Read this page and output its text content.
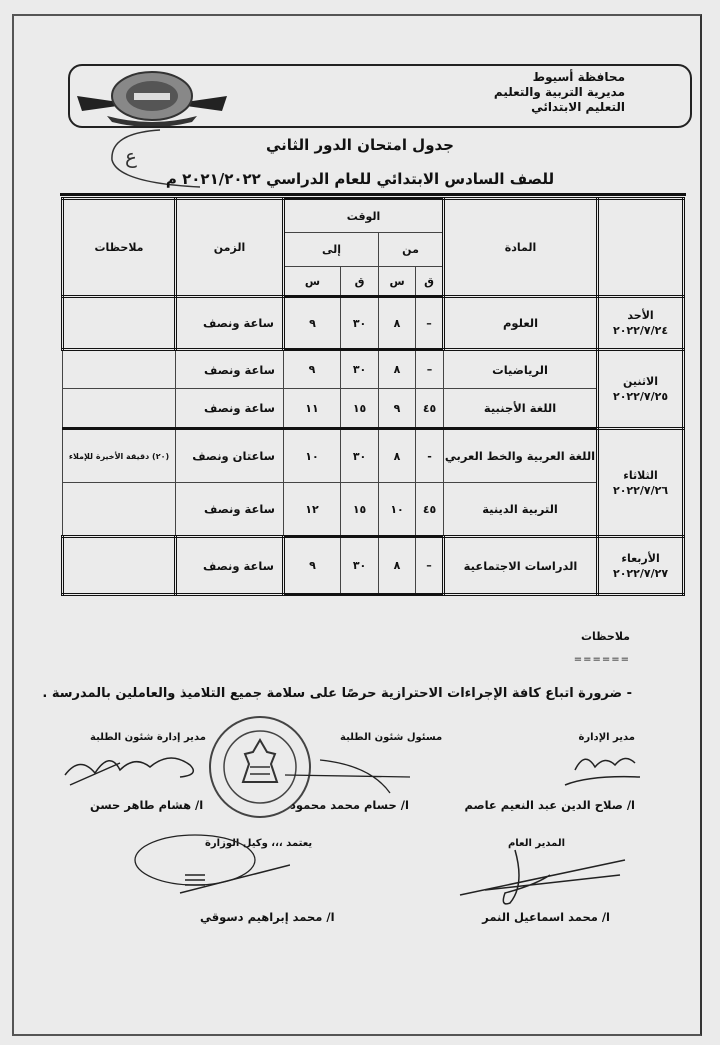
محافظة أسيوط
مديرية التربية والتعليم
التعليم الابتدائي
ع	جدول امتحان الدور الثاني
للصف السادس الابتدائي للعام الدراسي ٢٠٢١/٢٠٢٢ م
	المادة	الوقت				الزمن	ملاحظات
		من		إلى			
		ق	س	ق	س		

الأحد
٢٠٢٢/٧/٢٤	العلوم	–	٨	٣٠	٩	ساعة ونصف	

الاثنين
٢٠٢٢/٧/٢٥	الرياضيات	–	٨	٣٠	٩	ساعة ونصف	
	اللغة الأجنبية	٤٥	٩	١٥	١١	ساعة ونصف	

الثلاثاء
٢٠٢٢/٧/٢٦	اللغة العربية والخط العربي	-	٨	٣٠	١٠	ساعتان ونصف	(٢٠) دقيقة الأخيرة للإملاء
	التربية الدينية	٤٥	١٠	١٥	١٢	ساعة ونصف	

الأربعاء
٢٠٢٢/٧/٢٧	الدراسات الاجتماعية	–	٨	٣٠	٩	ساعة ونصف	
ملاحظات
======
- ضرورة اتباع كافة الإجراءات الاحترازية حرصًا على سلامة جميع التلاميذ والعاملين بالمدرسة .
مدير الإدارة
ا/ صلاح الدين عبد النعيم عاصم
مسئول شئون الطلبة
ا/ حسام محمد محمود
مدير إدارة شئون الطلبة
ا/ هشام طاهر حسن
المدير العام
ا/ محمد اسماعيل النمر
يعتمد ،،، وكيل الوزارة
ا/ محمد إبراهيم دسوقي
